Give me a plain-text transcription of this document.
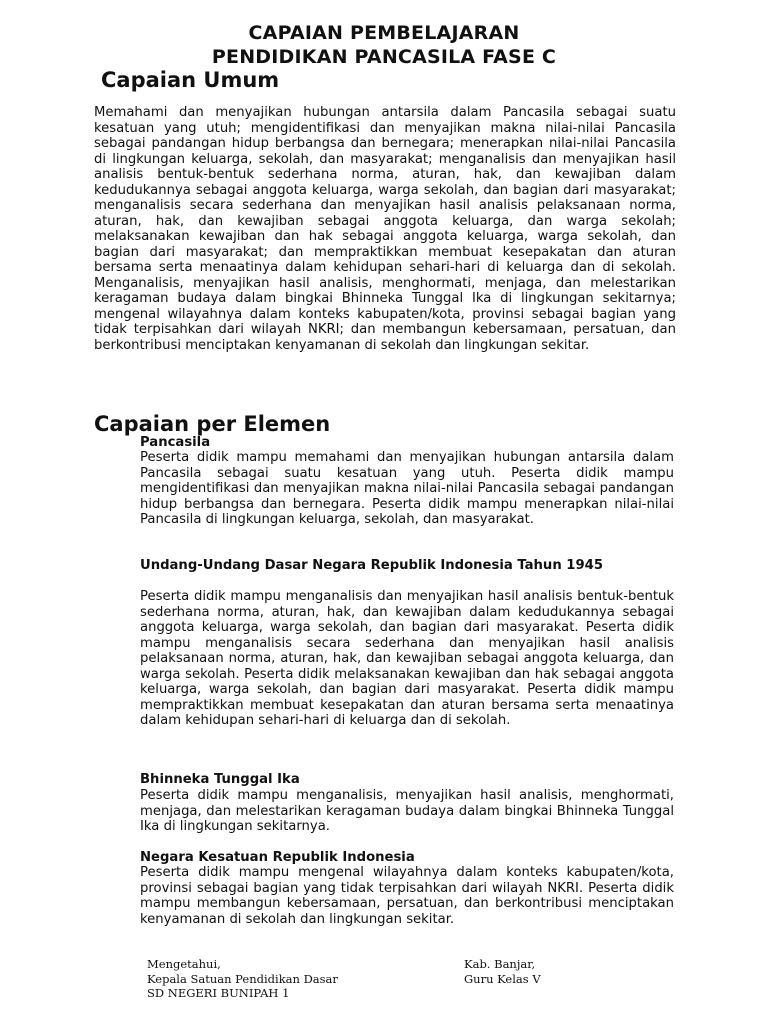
CAPAIAN PEMBELAJARAN
PENDIDIKAN PANCASILA FASE C
Capaian Umum

Memahami dan menyajikan hubungan antarsila dalam Pancasila sebagai suatu kesatuan yang utuh; mengidentifikasi dan menyajikan makna nilai-nilai Pancasila sebagai pandangan hidup berbangsa dan bernegara; menerapkan nilai-nilai Pancasila di lingkungan keluarga, sekolah, dan masyarakat; menganalisis dan menyajikan hasil analisis bentuk-bentuk sederhana norma, aturan, hak, dan kewajiban dalam kedudukannya sebagai anggota keluarga, warga sekolah, dan bagian dari masyarakat; menganalisis secara sederhana dan menyajikan hasil analisis pelaksanaan norma, aturan, hak, dan kewajiban sebagai anggota keluarga, dan warga sekolah; melaksanakan kewajiban dan hak sebagai anggota keluarga, warga sekolah, dan bagian dari masyarakat; dan mempraktikkan membuat kesepakatan dan aturan bersama serta menaatinya dalam kehidupan sehari-hari di keluarga dan di sekolah. Menganalisis, menyajikan hasil analisis, menghormati, menjaga, dan melestarikan keragaman budaya dalam bingkai Bhinneka Tunggal Ika di lingkungan sekitarnya; mengenal wilayahnya dalam konteks kabupaten/kota, provinsi sebagai bagian yang tidak terpisahkan dari wilayah NKRI; dan membangun kebersamaan, persatuan, dan berkontribusi menciptakan kenyamanan di sekolah dan lingkungan sekitar.

Capaian per Elemen
Pancasila

Peserta didik mampu memahami dan menyajikan hubungan antarsila dalam Pancasila sebagai suatu kesatuan yang utuh. Peserta didik mampu mengidentifikasi dan menyajikan makna nilai-nilai Pancasila sebagai pandangan hidup berbangsa dan bernegara. Peserta didik mampu menerapkan nilai-nilai Pancasila di lingkungan keluarga, sekolah, dan masyarakat.

Undang-Undang Dasar Negara Republik Indonesia Tahun 1945

Peserta didik mampu menganalisis dan menyajikan hasil analisis bentuk-bentuk sederhana norma, aturan, hak, dan kewajiban dalam kedudukannya sebagai anggota keluarga, warga sekolah, dan bagian dari masyarakat. Peserta didik mampu menganalisis secara sederhana dan menyajikan hasil analisis pelaksanaan norma, aturan, hak, dan kewajiban sebagai anggota keluarga, dan warga sekolah. Peserta didik melaksanakan kewajiban dan hak sebagai anggota keluarga, warga sekolah, dan bagian dari masyarakat. Peserta didik mampu mempraktikkan membuat kesepakatan dan aturan bersama serta menaatinya dalam kehidupan sehari-hari di keluarga dan di sekolah.

Bhinneka Tunggal Ika

Peserta didik mampu menganalisis, menyajikan hasil analisis, menghormati, menjaga, dan melestarikan keragaman budaya dalam bingkai Bhinneka Tunggal Ika di lingkungan sekitarnya.

Negara Kesatuan Republik Indonesia

Peserta didik mampu mengenal wilayahnya dalam konteks kabupaten/kota, provinsi sebagai bagian yang tidak terpisahkan dari wilayah NKRI. Peserta didik mampu membangun kebersamaan, persatuan, dan berkontribusi menciptakan kenyamanan di sekolah dan lingkungan sekitar.

Mengetahui,
Kepala Satuan Pendidikan Dasar
SD NEGERI BUNIPAH 1
Kab. Banjar,
Guru Kelas V
